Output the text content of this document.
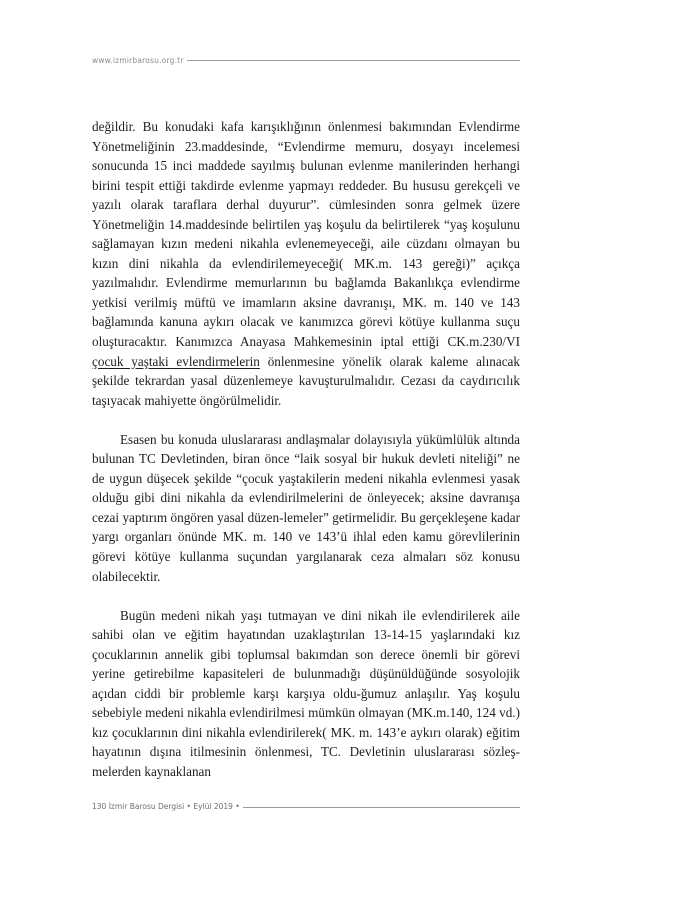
www.izmirbarosu.org.tr

değildir. Bu konudaki kafa karışıklığının önlenmesi bakımından Evlendirme Yönetmeliğinin 23.maddesinde, “Evlendirme memuru, dosyayı incelemesi sonucunda 15 inci maddede sayılmış bulunan evlenme manilerinden herhangi birini tespit ettiği takdirde evlenme yapmayı reddeder. Bu hususu gerekçeli ve yazılı olarak taraflara derhal duyurur”. cümlesinden sonra gelmek üzere Yönetmeliğin 14.maddesinde belirtilen yaş koşulu da belirtilerek “yaş koşulunu sağlamayan kızın medeni nikahla evlenemeyeceği, aile cüzdanı olmayan bu kızın dini nikahla da evlendirilemeyeceği( MK.m. 143 gereği)” açıkça yazılmalıdır. Evlendirme memurlarının bu bağlamda Bakanlıkça evlendirme yetkisi verilmiş müftü ve imamların aksine davranışı, MK. m. 140 ve 143 bağlamında kanuna aykırı olacak ve kanımızca görevi kötüye kullanma suçu oluşturacaktır. Kanımızca Anayasa Mahkemesinin iptal ettiği CK.m.230/VI çocuk yaştaki evlendirmelerin önlenmesine yönelik olarak kaleme alınacak şekilde tekrardan yasal düzenlemeye kavuşturulmalıdır. Cezası da caydırıcılık taşıyacak mahiyette öngörülmelidir.

Esasen bu konuda uluslararası andlaşmalar dolayısıyla yükümlülük altında bulunan TC Devletinden, biran önce “laik sosyal bir hukuk devleti niteliği” ne de uygun düşecek şekilde “çocuk yaştakilerin medeni nikahla evlenmesi yasak olduğu gibi dini nikahla da evlendirilmelerini de önleyecek; aksine davranışa cezai yaptırım öngören yasal düzen-lemeler” getirmelidir. Bu gerçekleşene kadar yargı organları önünde MK. m. 140 ve 143’ü ihlal eden kamu görevlilerinin görevi kötüye kullanma suçundan yargılanarak ceza almaları söz konusu olabilecektir.

Bugün medeni nikah yaşı tutmayan ve dini nikah ile evlendirilerek aile sahibi olan ve eğitim hayatından uzaklaştırılan 13-14-15 yaşlarındaki kız çocuklarının annelik gibi toplumsal bakımdan son derece önemli bir görevi yerine getirebilme kapasiteleri de bulunmadığı düşünüldüğünde sosyolojik açıdan ciddi bir problemle karşı karşıya oldu-ğumuz anlaşılır. Yaş koşulu sebebiyle medeni nikahla evlendirilmesi mümkün olmayan (MK.m.140, 124 vd.) kız çocuklarının dini nikahla evlendirilerek( MK. m. 143’e aykırı olarak) eğitim hayatının dışına itilmesinin önlenmesi, TC. Devletinin uluslararası sözleş-melerden kaynaklanan

130 İzmir Barosu Dergisi • Eylül 2019 •
